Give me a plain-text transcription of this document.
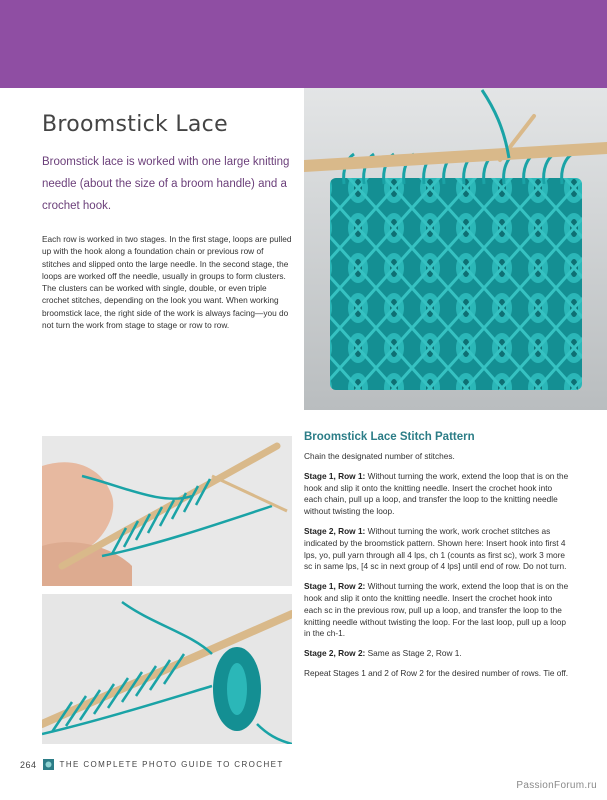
Broomstick Lace

Broomstick lace is worked with one large knitting needle (about the size of a broom handle) and a crochet hook.

Each row is worked in two stages. In the first stage, loops are pulled up with the hook along a foundation chain or previous row of stitches and slipped onto the large needle. In the second stage, the loops are worked off the needle, usually in groups to form clusters. The clusters can be worked with single, double, or even triple crochet stitches, depending on the look you want. When working broomstick lace, the right side of the work is always facing—you do not turn the work from stage to stage or row to row.

Broomstick Lace Stitch Pattern

Chain the designated number of stitches.

Stage 1, Row 1: Without turning the work, extend the loop that is on the hook and slip it onto the knitting needle. Insert the crochet hook into each chain, pull up a loop, and transfer the loop to the knitting needle without twisting the loop.

Stage 2, Row 1: Without turning the work, work crochet stitches as indicated by the broomstick pattern. Shown here: Insert hook into first 4 lps, yo, pull yarn through all 4 lps, ch 1 (counts as first sc), work 3 more sc in same lps, [4 sc in next group of 4 lps] until end of row. Do not turn.

Stage 1, Row 2: Without turning the work, extend the loop that is on the hook and slip it onto the knitting needle. Insert the crochet hook into each sc in the previous row, pull up a loop, and transfer the loop to the knitting needle without twisting the loop. For the last loop, pull up a loop in the ch-1.

Stage 2, Row 2: Same as Stage 2, Row 1.

Repeat Stages 1 and 2 of Row 2 for the desired number of rows. Tie off.

264	THE COMPLETE PHOTO GUIDE TO CROCHET
PassionForum.ru
